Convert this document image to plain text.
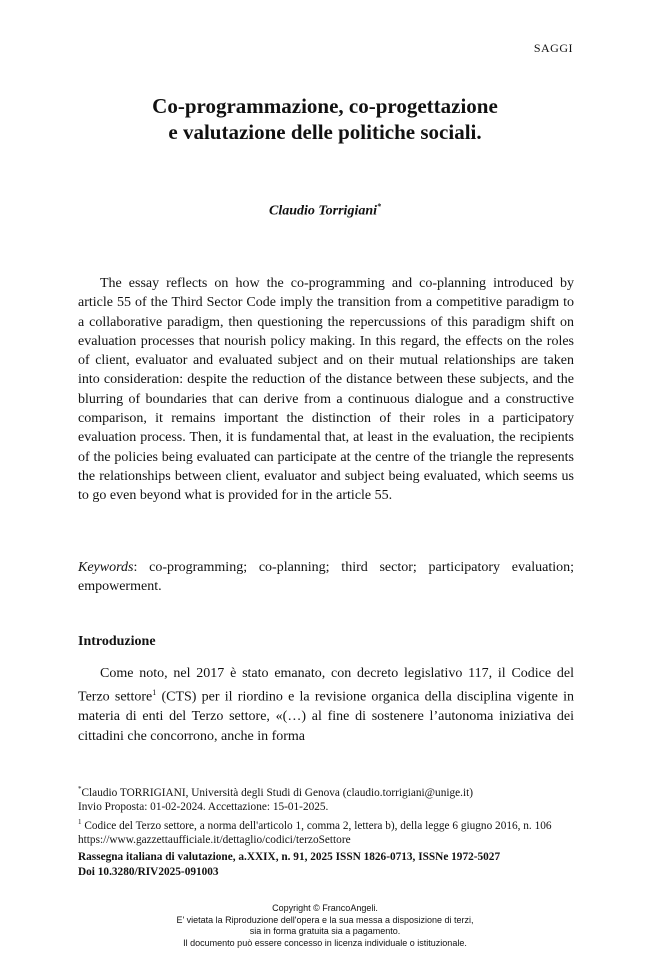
SAGGI
Co-programmazione, co-progettazione
e valutazione delle politiche sociali.
Claudio Torrigiani*

The essay reflects on how the co-programming and co-planning introduced by article 55 of the Third Sector Code imply the transition from a competitive paradigm to a collaborative paradigm, then questioning the repercussions of this paradigm shift on evaluation processes that nourish policy making. In this regard, the effects on the roles of client, evaluator and evaluated subject and on their mutual relationships are taken into consideration: despite the reduction of the distance between these subjects, and the blurring of boundaries that can derive from a continuous dialogue and a constructive comparison, it remains important the distinction of their roles in a participatory evaluation process. Then, it is fundamental that, at least in the evaluation, the recipients of the policies being evaluated can participate at the centre of the triangle the represents the relationships between client, evaluator and subject being evaluated, which seems us to go even beyond what is provided for in the article 55.

Keywords: co-programming; co-planning; third sector; participatory evaluation; empowerment.

Introduzione

Come noto, nel 2017 è stato emanato, con decreto legislativo 117, il Codice del Terzo settore$^1$ (CTS) per il riordino e la revisione organica della disciplina vigente in materia di enti del Terzo settore, «(…) al fine di sostenere l’autonoma iniziativa dei cittadini che concorrono, anche in forma

*Claudio TORRIGIANI, Università degli Studi di Genova (claudio.torrigiani@unige.it)
Invio Proposta: 01-02-2024. Accettazione: 15-01-2025.
$^1$ Codice del Terzo settore, a norma dell'articolo 1, comma 2, lettera b), della legge 6 giugno 2016, n. 106 https://www.gazzettaufficiale.it/dettaglio/codici/terzoSettore
Rassegna italiana di valutazione, a.XXIX, n. 91, 2025 ISSN 1826-0713, ISSNe 1972-5027
Doi 10.3280/RIV2025-091003
Copyright © FrancoAngeli.
E' vietata la Riproduzione dell'opera e la sua messa a disposizione di terzi,
sia in forma gratuita sia a pagamento.
Il documento può essere concesso in licenza individuale o istituzionale.
